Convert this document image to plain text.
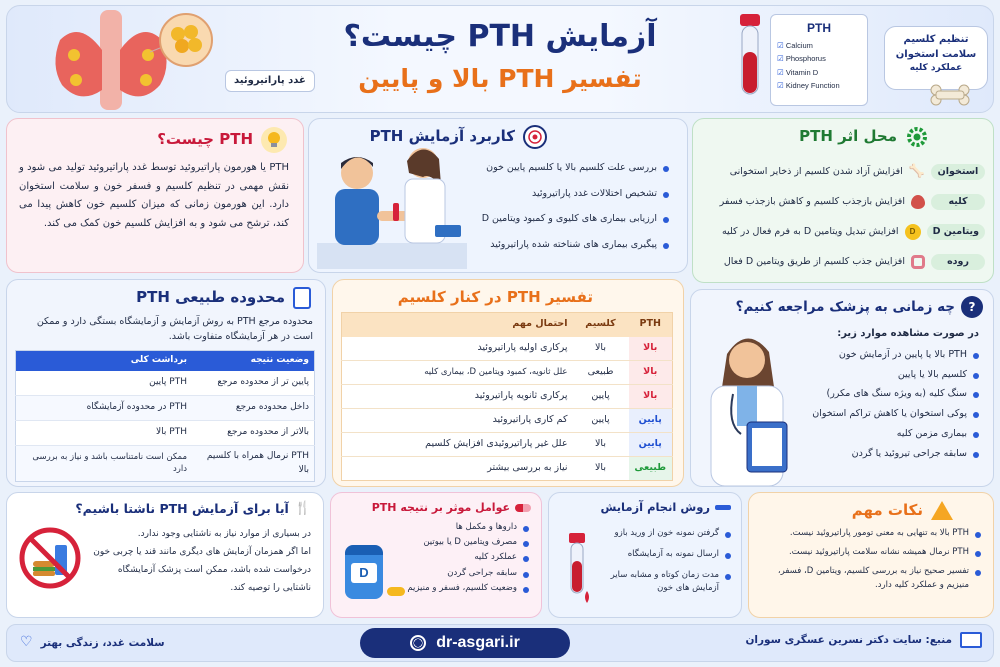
غدد پاراتیروئید
آزمایش PTH چیست؟
تفسیر PTH بالا و پایین
PTH
☑ Calcium
☑ Phosphorus
☑ Vitamin D
☑ Kidney Function
تنظیم کلسیم
سلامت استخوان
عملکرد کلیه
PTH چیست؟
PTH یا هورمون پاراتیروئید توسط غدد پاراتیروئید تولید می شود و نقش مهمی در تنظیم کلسیم و فسفر خون و سلامت استخوان دارد. این هورمون زمانی که میزان کلسیم خون کاهش پیدا می کند، ترشح می شود و به افزایش کلسیم خون کمک می کند.
کاربرد آزمایش PTH
بررسی علت کلسیم بالا یا کلسیم پایین خون
تشخیص اختلالات غدد پاراتیروئید
ارزیابی بیماری های کلیوی و کمبود ویتامین D
پیگیری بیماری های شناخته شده پاراتیروئید
محل اثر PTH
استخوان
🦴
افزایش آزاد شدن کلسیم از ذخایر استخوانی
کلیه
افزایش بازجذب کلسیم و کاهش بازجذب فسفر
ویتامین D
D
افزایش تبدیل ویتامین D به فرم فعال در کلیه
روده
افزایش جذب کلسیم از طریق ویتامین D فعال
محدوده طبیعی PTH
محدوده مرجع PTH به روش آزمایش و آزمایشگاه بستگی دارد و ممکن است در هر آزمایشگاه متفاوت باشد.
وضعیت نتیجه	برداشت کلی
پایین تر از محدوده مرجع	PTH پایین
داخل محدوده مرجع	PTH در محدوده آزمایشگاه
بالاتر از محدوده مرجع	PTH بالا
PTH نرمال همراه با کلسیم بالا	ممکن است نامتناسب باشد و نیاز به بررسی دارد
تفسیر PTH در کنار کلسیم
PTH	کلسیم	احتمال مهم
بالا	بالا	پرکاری اولیه پاراتیروئید
بالا	طبیعی	علل ثانویه، کمبود ویتامین D، بیماری کلیه
بالا	پایین	پرکاری ثانویه پاراتیروئید
پایین	پایین	کم کاری پاراتیروئید
پایین	بالا	علل غیر پاراتیروئیدی افزایش کلسیم
طبیعی	بالا	نیاز به بررسی بیشتر
?
چه زمانی به پزشک مراجعه کنیم؟
در صورت مشاهده موارد زیر:
PTH بالا یا پایین در آزمایش خون
کلسیم بالا یا پایین
سنگ کلیه (به ویژه سنگ های مکرر)
پوکی استخوان یا کاهش تراکم استخوان
بیماری مزمن کلیه
سابقه جراحی تیروئید یا گردن
🍴
آیا برای آزمایش PTH ناشتا باشیم؟
در بسیاری از موارد نیاز به ناشتایی وجود ندارد.
اما اگر همزمان آزمایش های دیگری مانند قند یا چربی خون
درخواست شده باشد، ممکن است پزشک آزمایشگاه
ناشتایی را توصیه کند.
عوامل موثر بر نتیجه PTH
داروها و مکمل ها
مصرف ویتامین D یا بیوتین
عملکرد کلیه
سابقه جراحی گردن
وضعیت کلسیم، فسفر و منیزیم
D
روش انجام آزمایش
گرفتن نمونه خون از ورید بازو
ارسال نمونه به آزمایشگاه
مدت زمان کوتاه و مشابه سایر آزمایش های خون
نکات مهم
PTH بالا به تنهایی به معنی تومور پاراتیروئید نیست.
PTH نرمال همیشه نشانه سلامت پاراتیروئید نیست.
تفسیر صحیح نیاز به بررسی کلسیم، ویتامین D، فسفر، منیزیم و عملکرد کلیه دارد.
منبع: سایت دکتر نسرین عسگری سوران
dr-asgari.ir
♡ سلامت غدد، زندگی بهتر
